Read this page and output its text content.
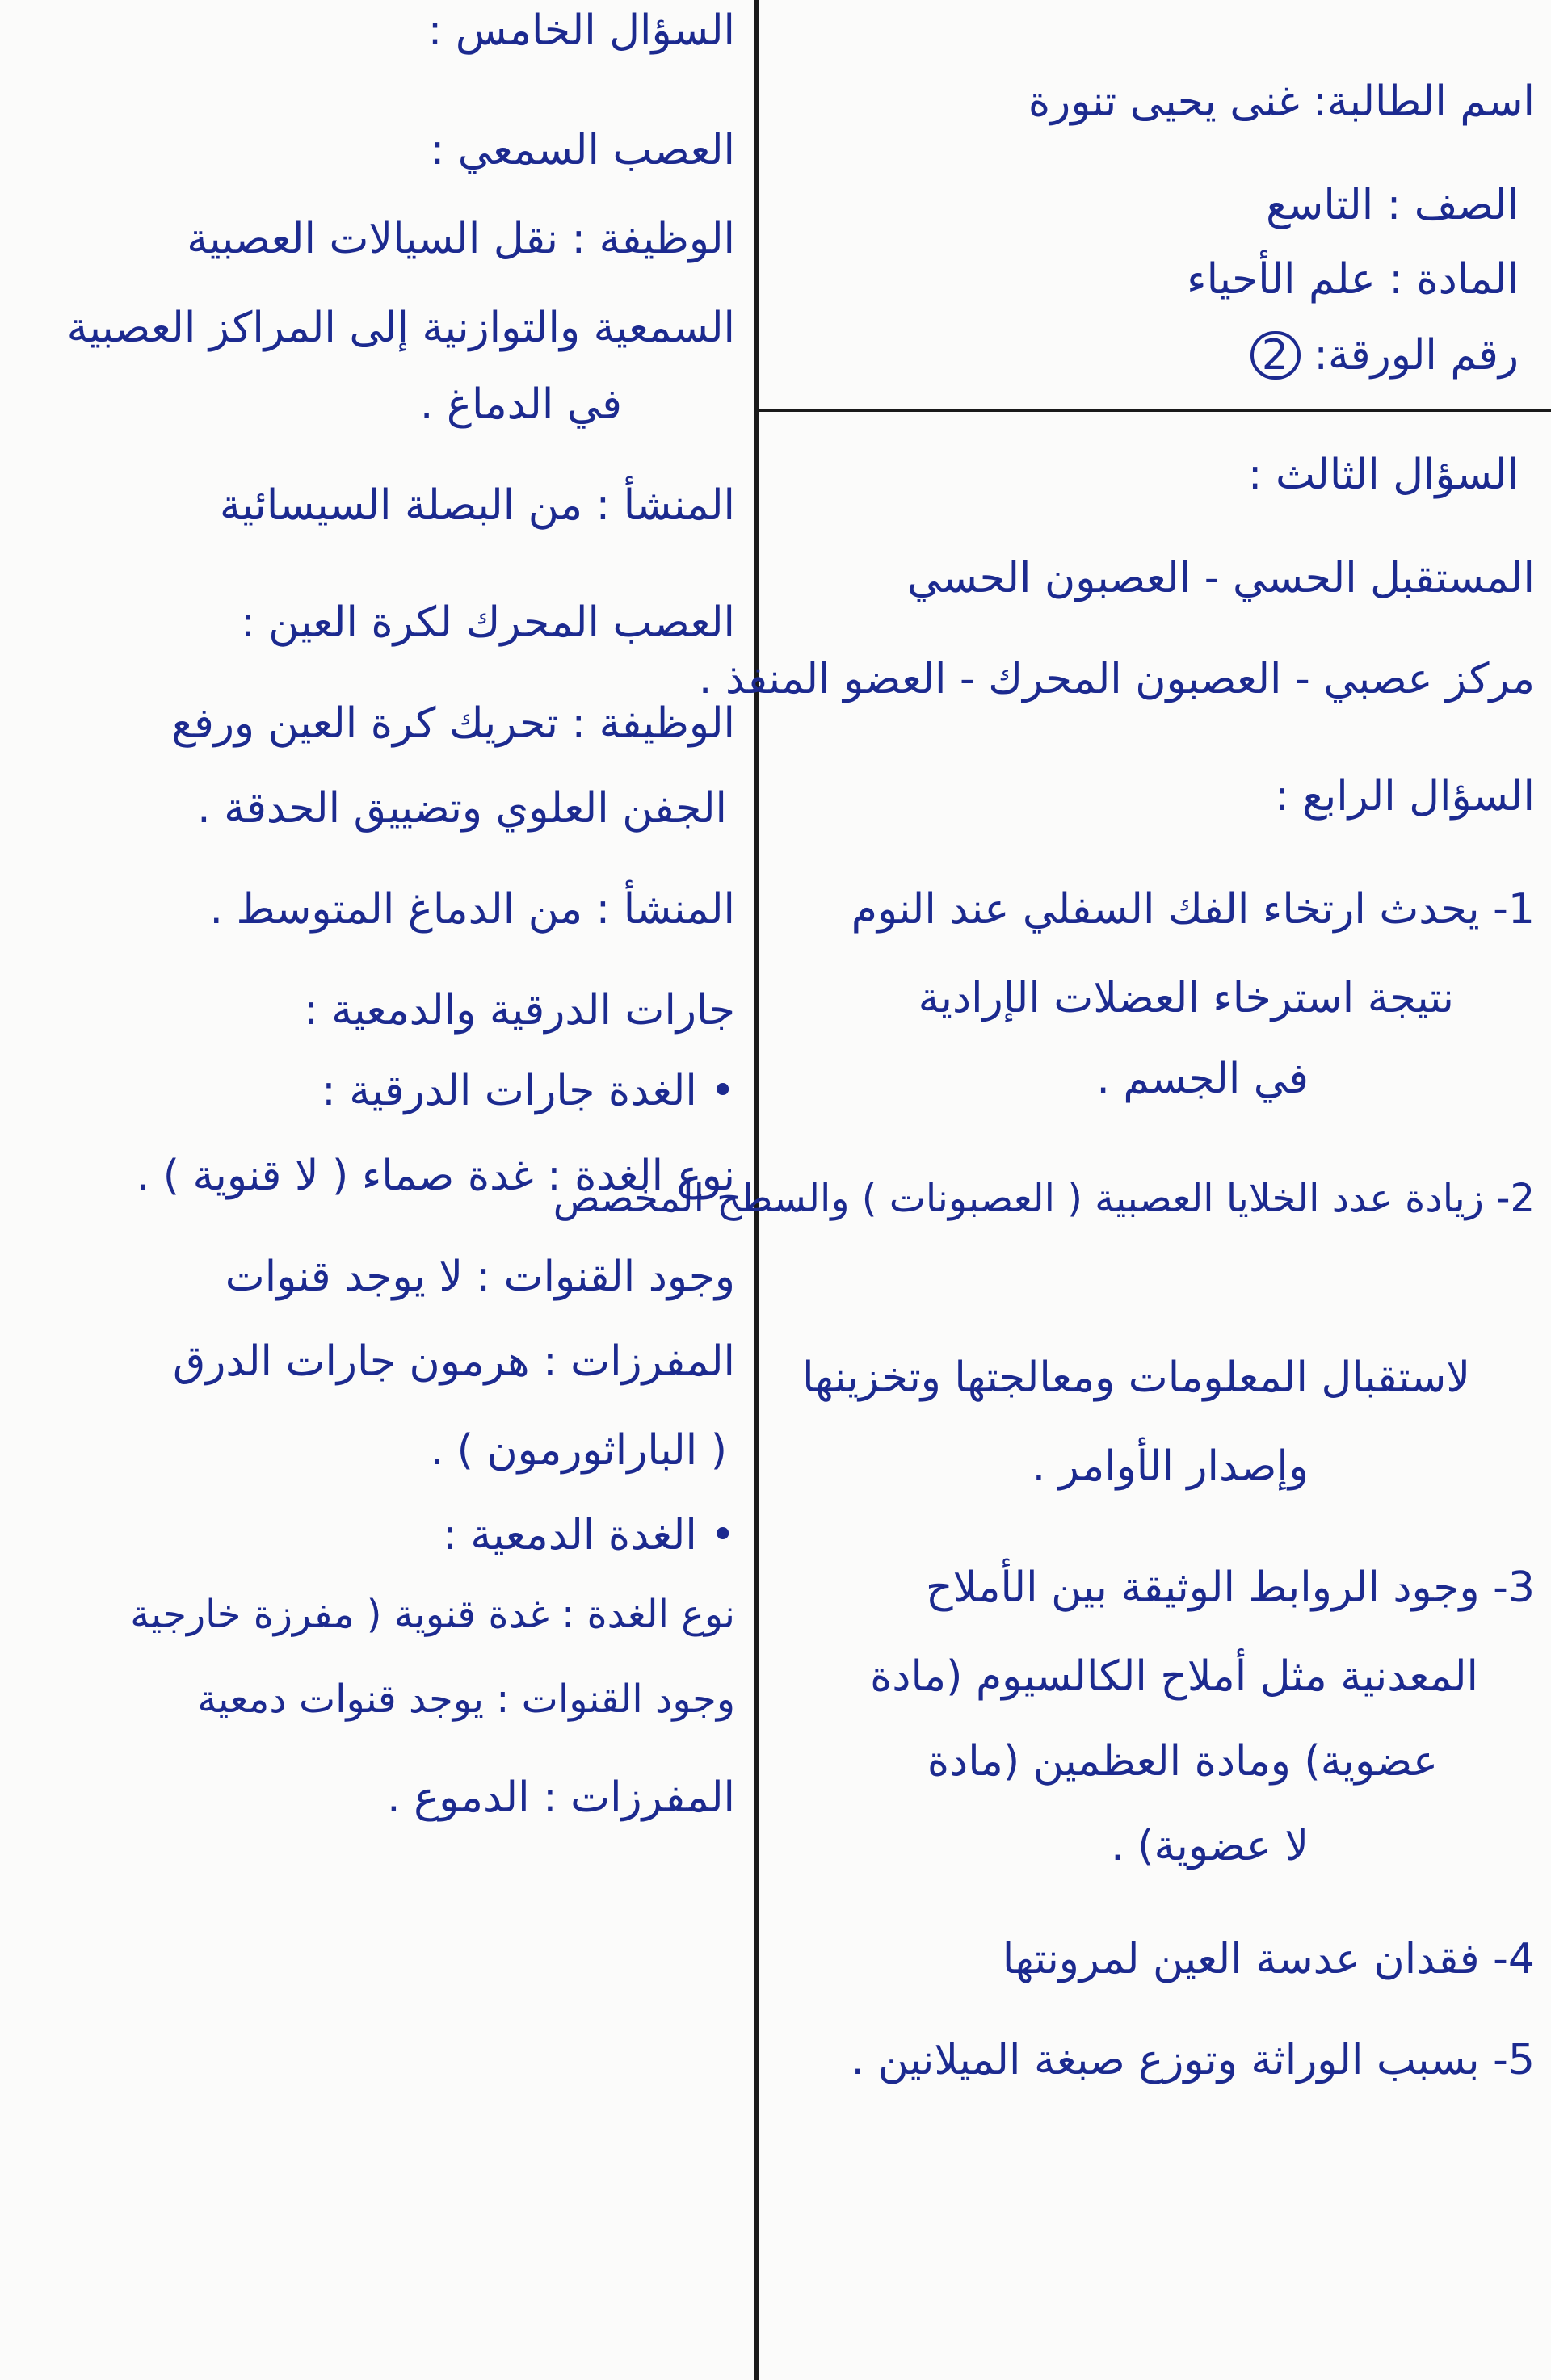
اسم الطالبة: غنى يحيى تنورة
الصف : التاسع
المادة : علم الأحياء
رقم الورقة: 2
السؤال الثالث :
المستقبل الحسي - العصبون الحسي
مركز عصبي - العصبون المحرك - العضو المنفذ .
السؤال الرابع :
1- يحدث ارتخاء الفك السفلي عند النوم
نتيجة استرخاء العضلات الإرادية
في الجسم .
2- زيادة عدد الخلايا العصبية ( العصبونات ) والسطح المخصص
لاستقبال المعلومات ومعالجتها وتخزينها
وإصدار الأوامر .
3- وجود الروابط الوثيقة بين الأملاح
المعدنية مثل أملاح الكالسيوم (مادة
عضوية) ومادة العظمين (مادة
لا عضوية) .
4- فقدان عدسة العين لمرونتها
5- بسبب الوراثة وتوزع صبغة الميلانين .
السؤال الخامس :
العصب السمعي :
الوظيفة : نقل السيالات العصبية
السمعية والتوازنية إلى المراكز العصبية
في الدماغ .
المنشأ : من البصلة السيسائية
العصب المحرك لكرة العين :
الوظيفة : تحريك كرة العين ورفع
الجفن العلوي وتضييق الحدقة .
المنشأ : من الدماغ المتوسط .
جارات الدرقية والدمعية :
• الغدة جارات الدرقية :
نوع الغدة : غدة صماء ( لا قنوية ) .
وجود القنوات : لا يوجد قنوات
المفرزات : هرمون جارات الدرق
( الباراثورمون ) .
• الغدة الدمعية :
نوع الغدة : غدة قنوية ( مفرزة خارجية
وجود القنوات : يوجد قنوات دمعية
المفرزات : الدموع .
